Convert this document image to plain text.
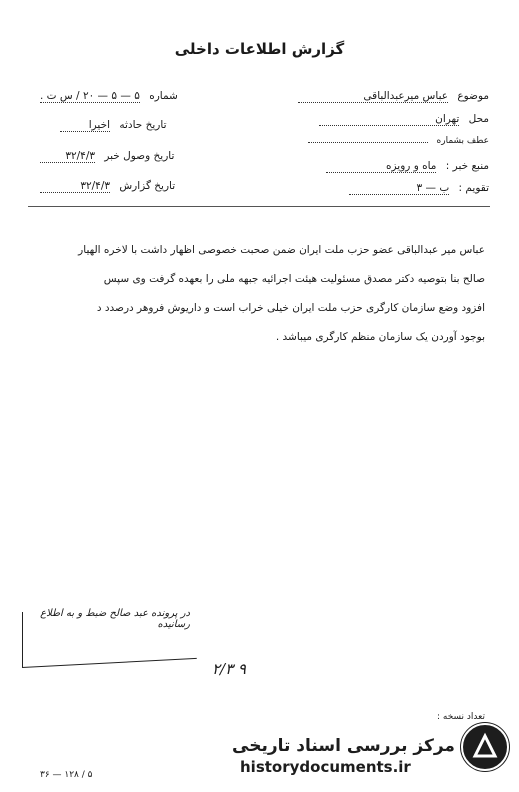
گزارش اطلاعات داخلی
موضوع عباس میرعبدالباقی
محل تهران
عطف بشماره
منبع خبر : ماه و رویزه
تقویم : ب — ۳
شماره ۵ — ۵ — ۲۰ / س ت .
تاریخ حادثه اخیرا
تاریخ وصول خبر ۳۲/۴/۳
تاریخ گزارش ۳۲/۴/۳

عباس میر عبدالباقی عضو حزب ملت ایران ضمن صحبت خصوصی اظهار داشت با لاخره الهیار

صالح بنا بتوصیه دکتر مصدق مسئولیت هیئت اجرائیه جبهه ملی را بعهده گرفت وی سپس

افزود وضع سازمان کارگری حزب ملت ایران خیلی خراب است و داریوش فروهر درصدد د

بوجود آوردن یک سازمان منظم کارگری میباشد .

در پرونده عبد صالح ضبط و به اطلاع رسانیده
۲/۳ ۹
تعداد نسخه :
۳۶ — ۱۲۸ / ۵
مرکز بررسی اسناد تاریخی
historydocuments.ir
